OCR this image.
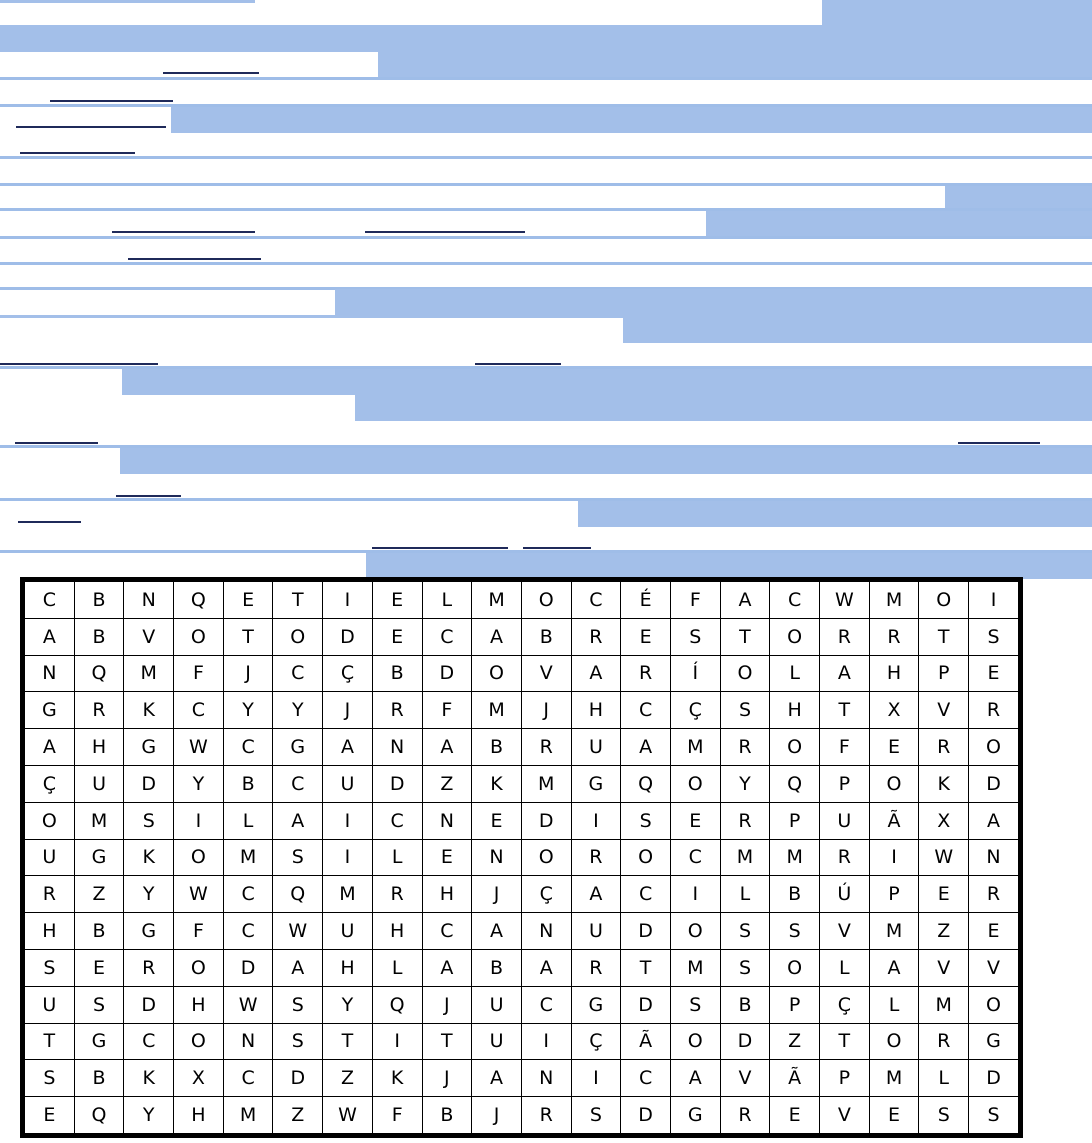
C	B	N	Q	E	T	I	E	L	M	O	C	É	F	A	C	W	M	O	I
A	B	V	O	T	O	D	E	C	A	B	R	E	S	T	O	R	R	T	S
N	Q	M	F	J	C	Ç	B	D	O	V	A	R	Í	O	L	A	H	P	E
G	R	K	C	Y	Y	J	R	F	M	J	H	C	Ç	S	H	T	X	V	R
A	H	G	W	C	G	A	N	A	B	R	U	A	M	R	O	F	E	R	O
Ç	U	D	Y	B	C	U	D	Z	K	M	G	Q	O	Y	Q	P	O	K	D
O	M	S	I	L	A	I	C	N	E	D	I	S	E	R	P	U	Ã	X	A
U	G	K	O	M	S	I	L	E	N	O	R	O	C	M	M	R	I	W	N
R	Z	Y	W	C	Q	M	R	H	J	Ç	A	C	I	L	B	Ú	P	E	R
H	B	G	F	C	W	U	H	C	A	N	U	D	O	S	S	V	M	Z	E
S	E	R	O	D	A	H	L	A	B	A	R	T	M	S	O	L	A	V	V
U	S	D	H	W	S	Y	Q	J	U	C	G	D	S	B	P	Ç	L	M	O
T	G	C	O	N	S	T	I	T	U	I	Ç	Ã	O	D	Z	T	O	R	G
S	B	K	X	C	D	Z	K	J	A	N	I	C	A	V	Ã	P	M	L	D
E	Q	Y	H	M	Z	W	F	B	J	R	S	D	G	R	E	V	E	S	S
